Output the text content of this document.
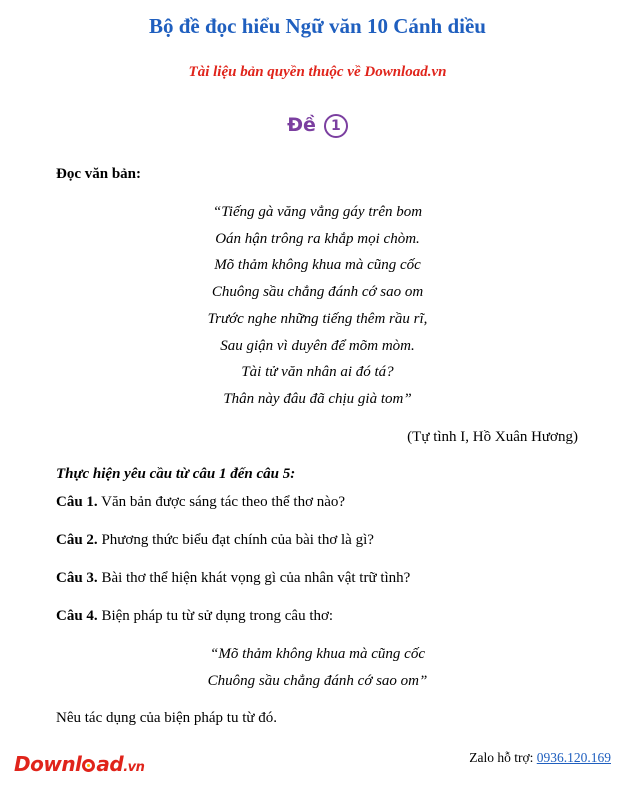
Bộ đề đọc hiểu Ngữ văn 10 Cánh diều
Tài liệu bản quyền thuộc về Download.vn
Đề 1
Đọc văn bản:
“Tiếng gà văng vẳng gáy trên bom
Oán hận trông ra khắp mọi chòm.
Mõ thảm không khua mà cũng cốc
Chuông sầu chẳng đánh cớ sao om
Trước nghe những tiếng thêm rầu rĩ,
Sau giận vì duyên để mõm mòm.
Tài tử văn nhân ai đó tá?
Thân này đâu đã chịu già tom”
(Tự tình I, Hồ Xuân Hương)
Thực hiện yêu cầu từ câu 1 đến câu 5:
Câu 1. Văn bản được sáng tác theo thể thơ nào?
Câu 2. Phương thức biểu đạt chính của bài thơ là gì?
Câu 3. Bài thơ thể hiện khát vọng gì của nhân vật trữ tình?
Câu 4. Biện pháp tu từ sử dụng trong câu thơ:
“Mõ thảm không khua mà cũng cốc
Chuông sầu chẳng đánh cớ sao om”
Nêu tác dụng của biện pháp tu từ đó.
Downl ad.vn
Zalo hỗ trợ: 0936.120.169
